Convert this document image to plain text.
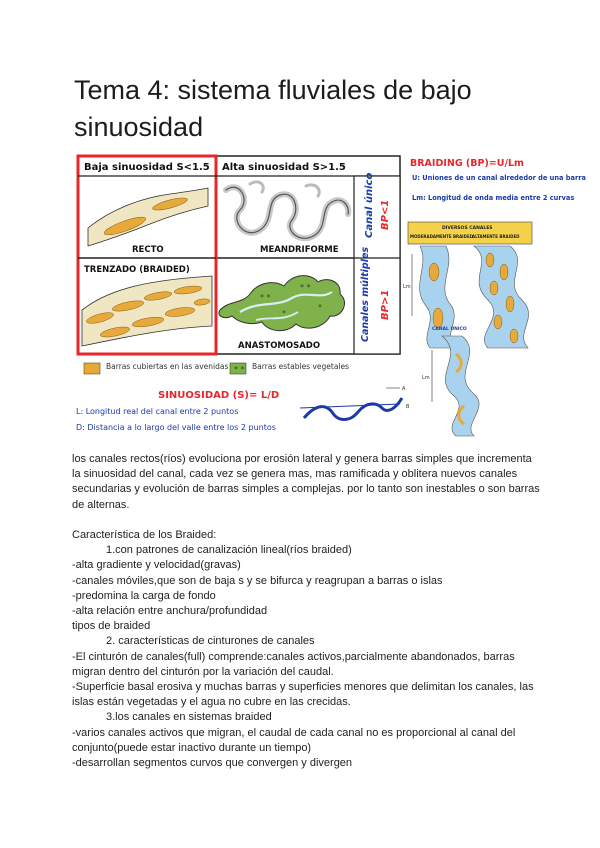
Tema 4: sistema fluviales de bajo sinuosidad
Baja sinuosidad S<1.5 Alta sinuosidad S>1.5
RECTO	MEANDRIFORME
TRENZADO (BRAIDED)
* *
* *
*
*
ANASTOMOSADO
Canal único BP<1
Canales múltiples BP>1
Barras cubiertas en las avenidas * * Barras estables vegetales
BRAIDING (BP)=U/Lm
U: Uniones de un canal alrededor de una barra
Lm: Longitud de onda media entre 2 curvas
DIVERSOS CANALES
MODERADAMENTE BRAIDED
ALTAMENTE BRAIDED
Lm
CANAL ÚNICO
Lm
SINUOSIDAD (S)= L/D
L: Longitud real del canal entre 2 puntos
D: Distancia a lo largo del valle entre los 2 puntos
A
B

los canales rectos(ríos) evoluciona por erosión lateral y genera barras simples que incrementa la sinuosidad del canal, cada vez se genera mas, mas ramificada y oblitera nuevos canales secundarias y evolución de barras simples a complejas. por lo tanto son inestables o son barras de alternas.

Característica de los Braided:

1.con patrones de canalización lineal(ríos braided)

-alta gradiente y velocidad(gravas)

-canales móviles,que son de baja s y se bifurca y reagrupan a barras o islas

-predomina la carga de fondo

-alta relación entre anchura/profundidad

tipos de braided

2. características de cinturones de canales

-El cinturón de canales(full) comprende:canales activos,parcialmente abandonados, barras migran dentro del cinturón por la variación del caudal.

-Superficie basal erosiva y muchas barras y superficies menores que delimitan los canales, las islas están vegetadas y el agua no cubre en las crecidas.

3.los canales en sistemas braided

-varios canales activos que migran, el caudal de cada canal no es proporcional al canal del conjunto(puede estar inactivo durante un tiempo)

-desarrollan segmentos curvos que convergen y divergen
